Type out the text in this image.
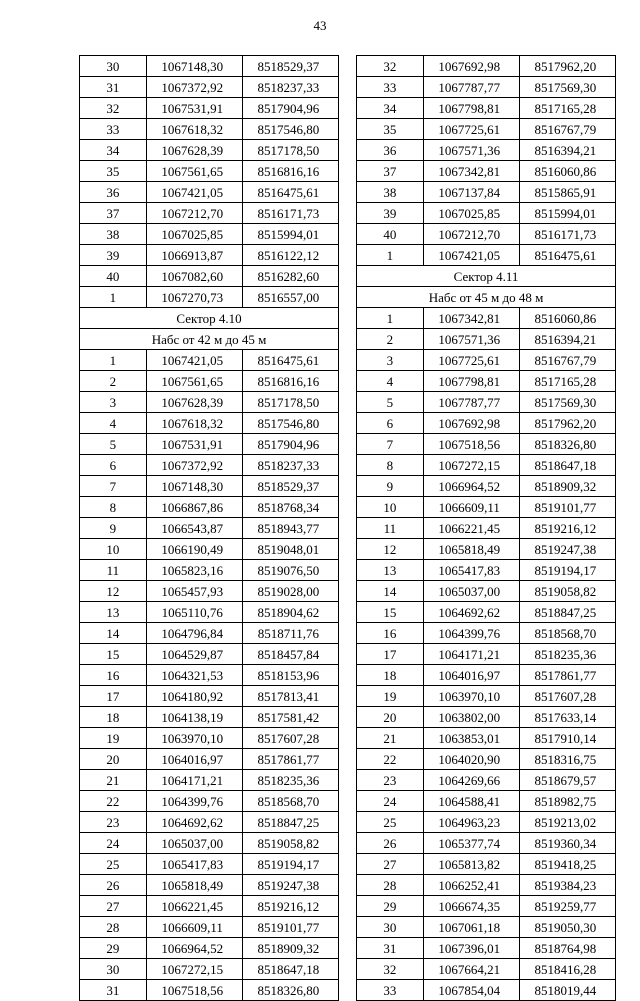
43
30	1067148,30	8518529,37
31	1067372,92	8518237,33
32	1067531,91	8517904,96
33	1067618,32	8517546,80
34	1067628,39	8517178,50
35	1067561,65	8516816,16
36	1067421,05	8516475,61
37	1067212,70	8516171,73
38	1067025,85	8515994,01
39	1066913,87	8516122,12
40	1067082,60	8516282,60
1	1067270,73	8516557,00
Сектор 4.10		
Набс от 42 м до 45 м		
1	1067421,05	8516475,61
2	1067561,65	8516816,16
3	1067628,39	8517178,50
4	1067618,32	8517546,80
5	1067531,91	8517904,96
6	1067372,92	8518237,33
7	1067148,30	8518529,37
8	1066867,86	8518768,34
9	1066543,87	8518943,77
10	1066190,49	8519048,01
11	1065823,16	8519076,50
12	1065457,93	8519028,00
13	1065110,76	8518904,62
14	1064796,84	8518711,76
15	1064529,87	8518457,84
16	1064321,53	8518153,96
17	1064180,92	8517813,41
18	1064138,19	8517581,42
19	1063970,10	8517607,28
20	1064016,97	8517861,77
21	1064171,21	8518235,36
22	1064399,76	8518568,70
23	1064692,62	8518847,25
24	1065037,00	8519058,82
25	1065417,83	8519194,17
26	1065818,49	8519247,38
27	1066221,45	8519216,12
28	1066609,11	8519101,77
29	1066964,52	8518909,32
30	1067272,15	8518647,18
31	1067518,56	8518326,80
32	1067692,98	8517962,20
33	1067787,77	8517569,30
34	1067798,81	8517165,28
35	1067725,61	8516767,79
36	1067571,36	8516394,21
37	1067342,81	8516060,86
38	1067137,84	8515865,91
39	1067025,85	8515994,01
40	1067212,70	8516171,73
1	1067421,05	8516475,61
Сектор 4.11		
Набс от 45 м до 48 м		
1	1067342,81	8516060,86
2	1067571,36	8516394,21
3	1067725,61	8516767,79
4	1067798,81	8517165,28
5	1067787,77	8517569,30
6	1067692,98	8517962,20
7	1067518,56	8518326,80
8	1067272,15	8518647,18
9	1066964,52	8518909,32
10	1066609,11	8519101,77
11	1066221,45	8519216,12
12	1065818,49	8519247,38
13	1065417,83	8519194,17
14	1065037,00	8519058,82
15	1064692,62	8518847,25
16	1064399,76	8518568,70
17	1064171,21	8518235,36
18	1064016,97	8517861,77
19	1063970,10	8517607,28
20	1063802,00	8517633,14
21	1063853,01	8517910,14
22	1064020,90	8518316,75
23	1064269,66	8518679,57
24	1064588,41	8518982,75
25	1064963,23	8519213,02
26	1065377,74	8519360,34
27	1065813,82	8519418,25
28	1066252,41	8519384,23
29	1066674,35	8519259,77
30	1067061,18	8519050,30
31	1067396,01	8518764,98
32	1067664,21	8518416,28
33	1067854,04	8518019,44
